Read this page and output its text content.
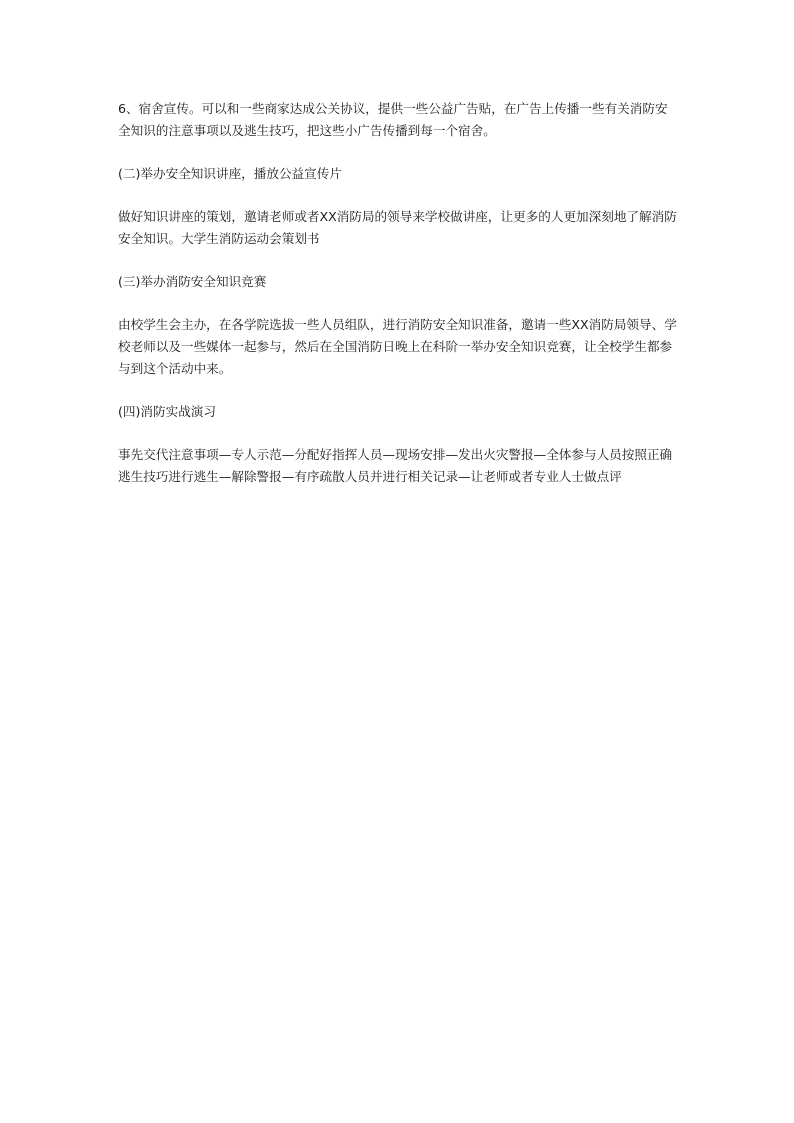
6、宿舍宣传。可以和一些商家达成公关协议，提供一些公益广告贴，在广告上传播一些有关消防安全知识的注意事项以及逃生技巧，把这些小广告传播到每一个宿舍。

(二)举办安全知识讲座，播放公益宣传片

做好知识讲座的策划，邀请老师或者XX消防局的领导来学校做讲座，让更多的人更加深刻地了解消防安全知识。大学生消防运动会策划书

(三)举办消防安全知识竞赛

由校学生会主办，在各学院选拔一些人员组队，进行消防安全知识准备，邀请一些XX消防局领导、学校老师以及一些媒体一起参与，然后在全国消防日晚上在科阶一举办安全知识竞赛，让全校学生都参与到这个活动中来。

(四)消防实战演习

事先交代注意事项—专人示范—分配好指挥人员—现场安排—发出火灾警报—全体参与人员按照正确逃生技巧进行逃生—解除警报—有序疏散人员并进行相关记录—让老师或者专业人士做点评
